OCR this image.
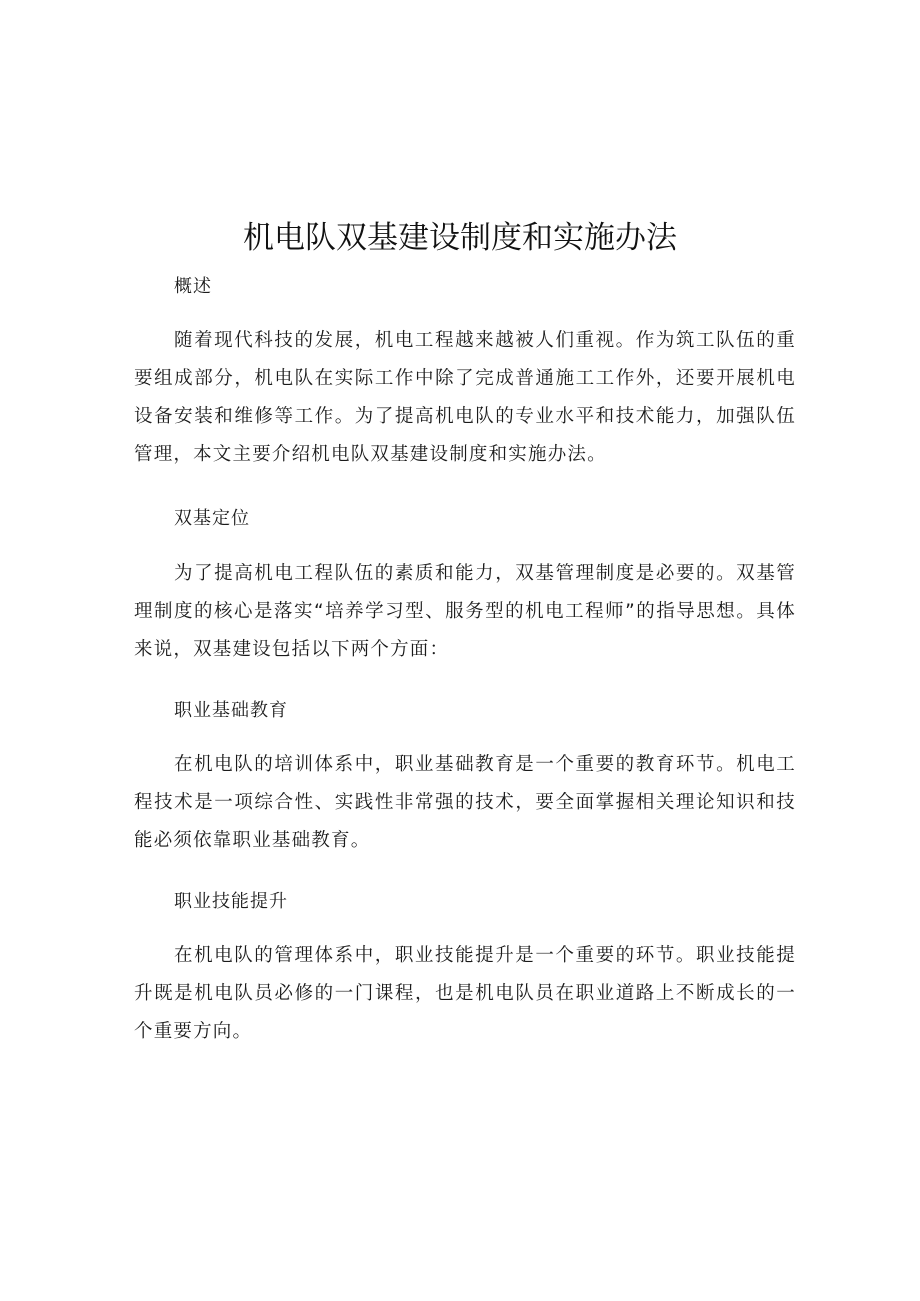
机电队双基建设制度和实施办法

概述

随着现代科技的发展，机电工程越来越被人们重视。作为筑工队伍的重要组成部分，机电队在实际工作中除了完成普通施工工作外，还要开展机电设备安装和维修等工作。为了提高机电队的专业水平和技术能力，加强队伍管理，本文主要介绍机电队双基建设制度和实施办法。

双基定位

为了提高机电工程队伍的素质和能力，双基管理制度是必要的。双基管理制度的核心是落实“培养学习型、服务型的机电工程师”的指导思想。具体来说，双基建设包括以下两个方面：

职业基础教育

在机电队的培训体系中，职业基础教育是一个重要的教育环节。机电工程技术是一项综合性、实践性非常强的技术，要全面掌握相关理论知识和技能必须依靠职业基础教育。

职业技能提升

在机电队的管理体系中，职业技能提升是一个重要的环节。职业技能提升既是机电队员必修的一门课程，也是机电队员在职业道路上不断成长的一个重要方向。
